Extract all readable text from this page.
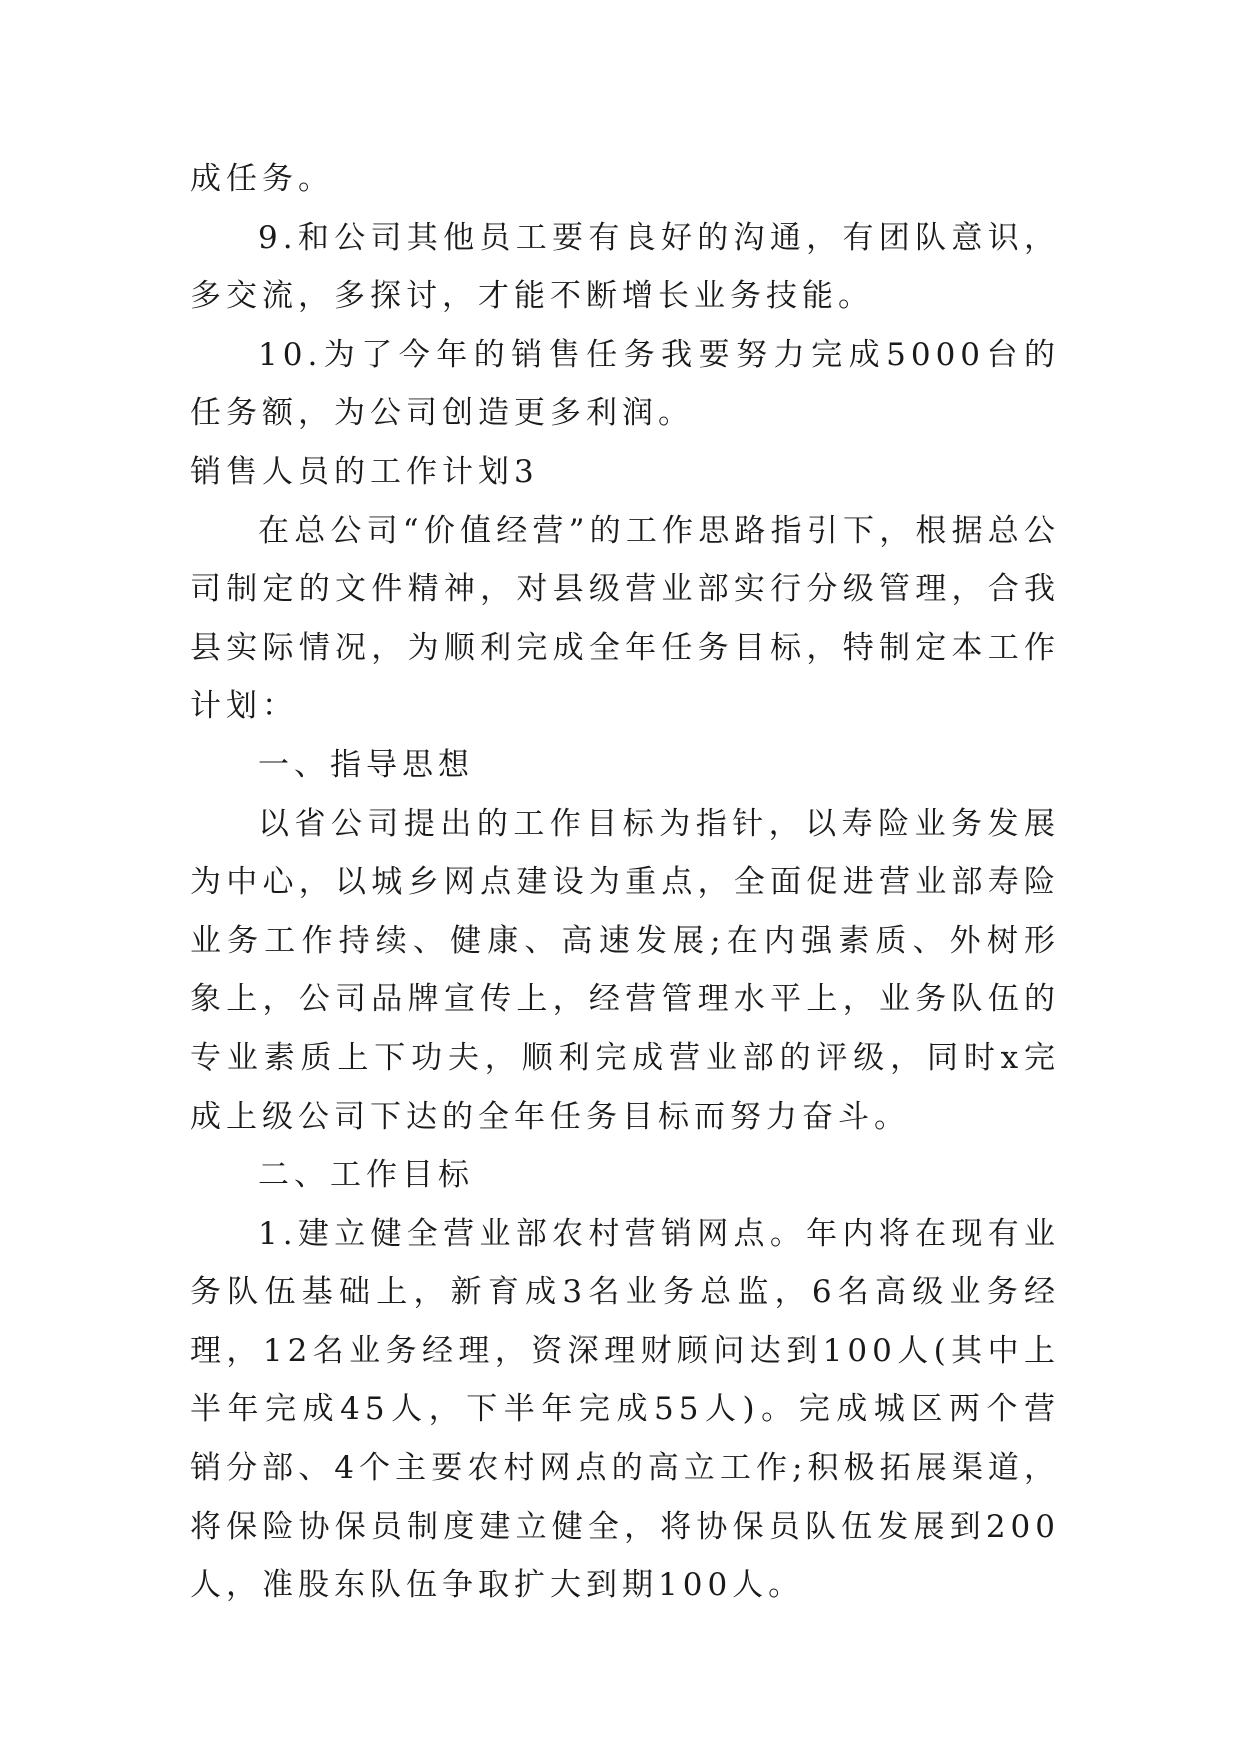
成任务。

9.和公司其他员工要有良好的沟通，有团队意识，多交流，多探讨，才能不断增长业务技能。

10.为了今年的销售任务我要努力完成5000台的任务额，为公司创造更多利润。

销售人员的工作计划3

在总公司“价值经营”的工作思路指引下，根据总公司制定的文件精神，对县级营业部实行分级管理，合我县实际情况，为顺利完成全年任务目标，特制定本工作计划：

一、指导思想

以省公司提出的工作目标为指针，以寿险业务发展为中心，以城乡网点建设为重点，全面促进营业部寿险业务工作持续、健康、高速发展;在内强素质、外树形象上，公司品牌宣传上，经营管理水平上，业务队伍的专业素质上下功夫，顺利完成营业部的评级，同时x完成上级公司下达的全年任务目标而努力奋斗。

二、工作目标

1.建立健全营业部农村营销网点。年内将在现有业务队伍基础上，新育成3名业务总监，6名高级业务经理，12名业务经理，资深理财顾问达到100人(其中上半年完成45人，下半年完成55人)。完成城区两个营销分部、4个主要农村网点的高立工作;积极拓展渠道，将保险协保员制度建立健全，将协保员队伍发展到200人，准股东队伍争取扩大到期100人。
